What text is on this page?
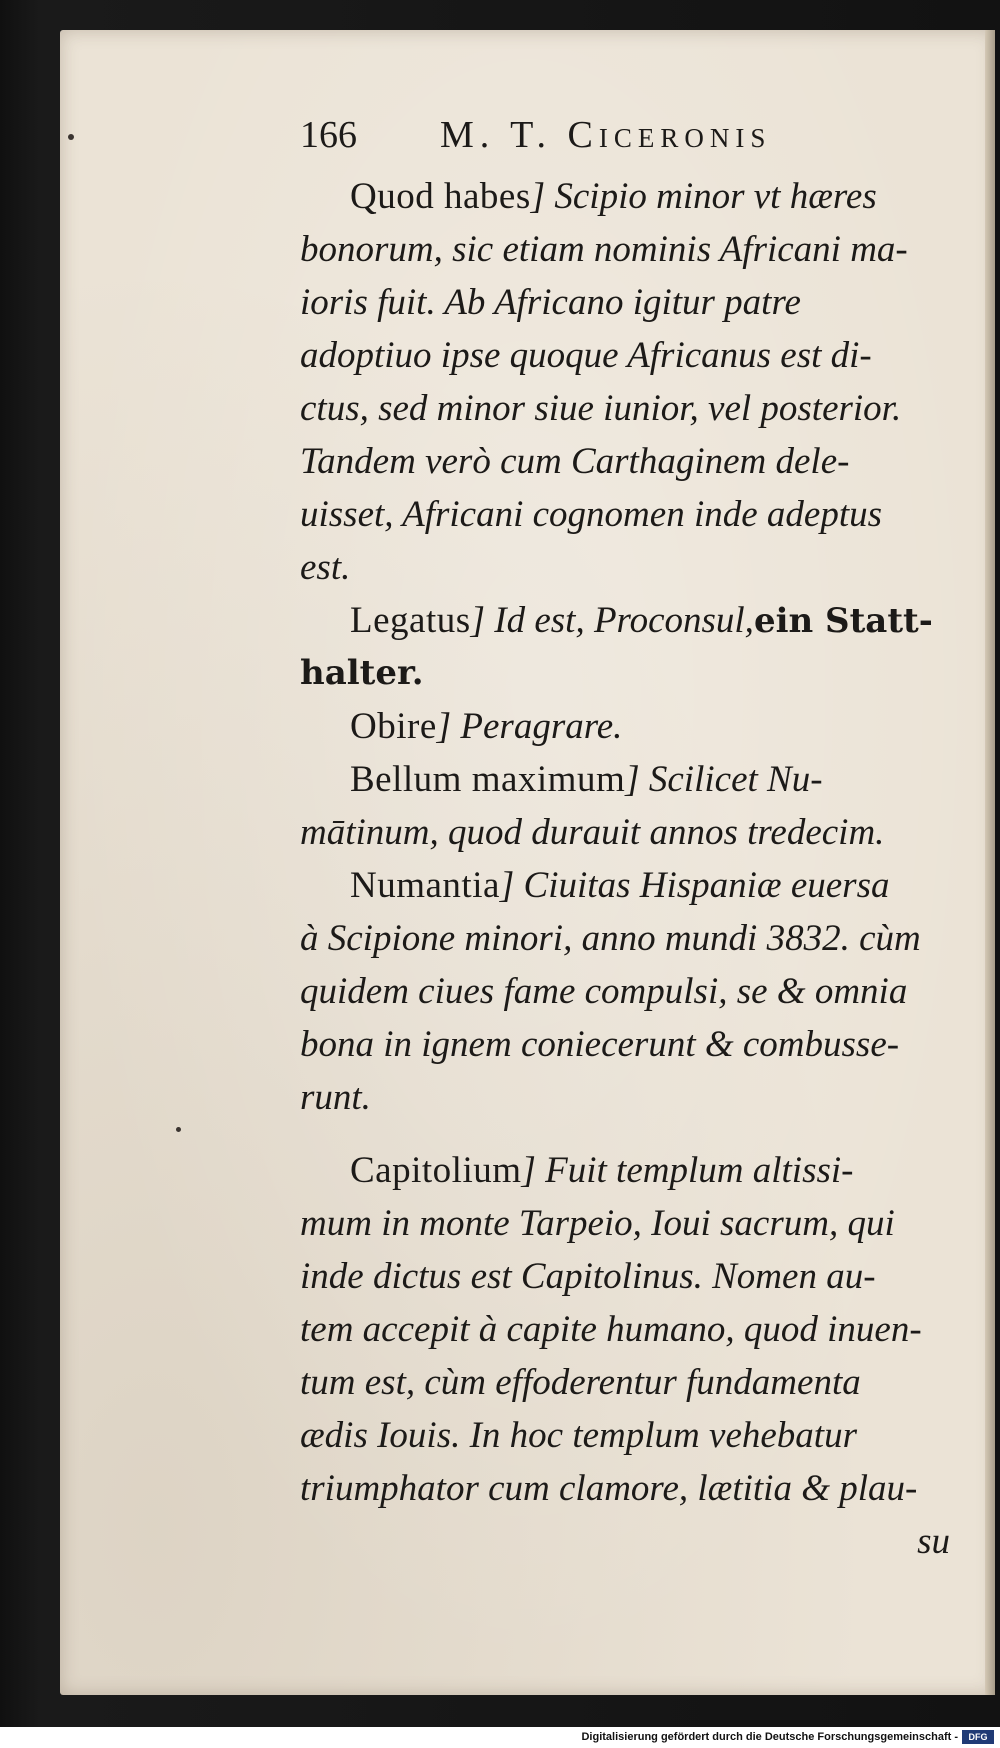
166 M. T. Ciceronis
Quod habes] Scipio minor vt hæres
bonorum, sic etiam nominis Africani ma-
ioris fuit. Ab Africano igitur patre
adoptiuo ipse quoque Africanus est di-
ctus, sed minor siue iunior, vel posterior.
Tandem verò cum Carthaginem dele-
uisset, Africani cognomen inde adeptus
est.
Legatus] Id est, Proconsul,ein Statt-
halter.
Obire] Peragrare.
Bellum maximum] Scilicet Nu-
mātinum, quod durauit annos tredecim.
Numantia] Ciuitas Hispaniæ euersa
à Scipione minori, anno mundi 3832. cùm
quidem ciues fame compulsi, se & omnia
bona in ignem coniecerunt & combusse-
runt.
Capitolium] Fuit templum altissi-
mum in monte Tarpeio, Ioui sacrum, qui
inde dictus est Capitolinus. Nomen au-
tem accepit à capite humano, quod inuen-
tum est, cùm effoderentur fundamenta
ædis Iouis. In hoc templum vehebatur
triumphator cum clamore, lætitia & plau-
su
Digitalisierung gefördert durch die Deutsche Forschungsgemeinschaft -	DFG
